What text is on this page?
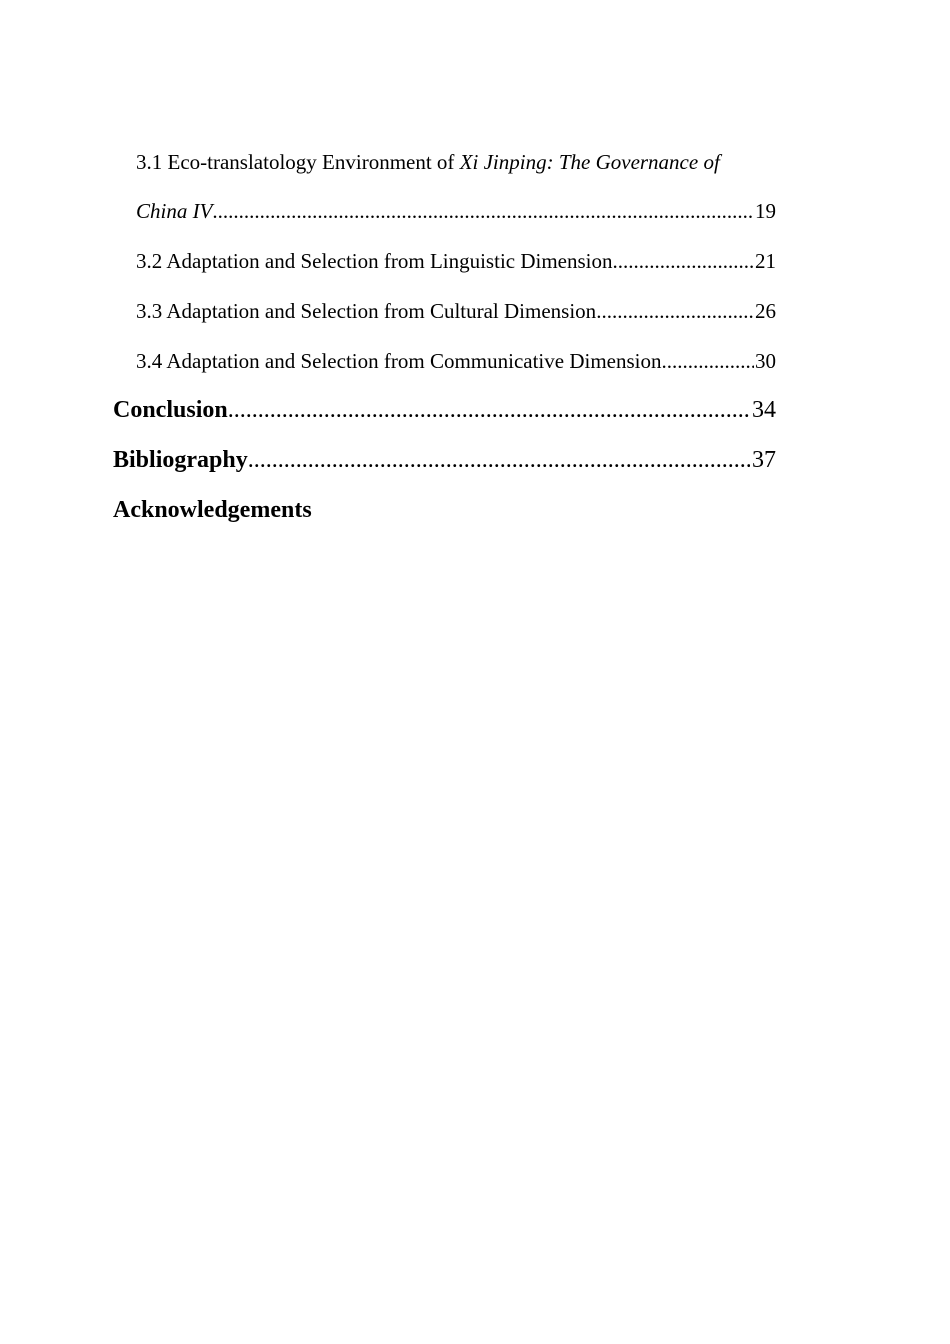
3.1 Eco-translatology Environment of Xi Jinping: The Governance of
China IV .....	19
3.2 Adaptation and Selection from Linguistic Dimension .....	21
3.3 Adaptation and Selection from Cultural Dimension .....	26
3.4 Adaptation and Selection from Communicative Dimension .....	30
Conclusion .....	34
Bibliography .....	37
Acknowledgements
